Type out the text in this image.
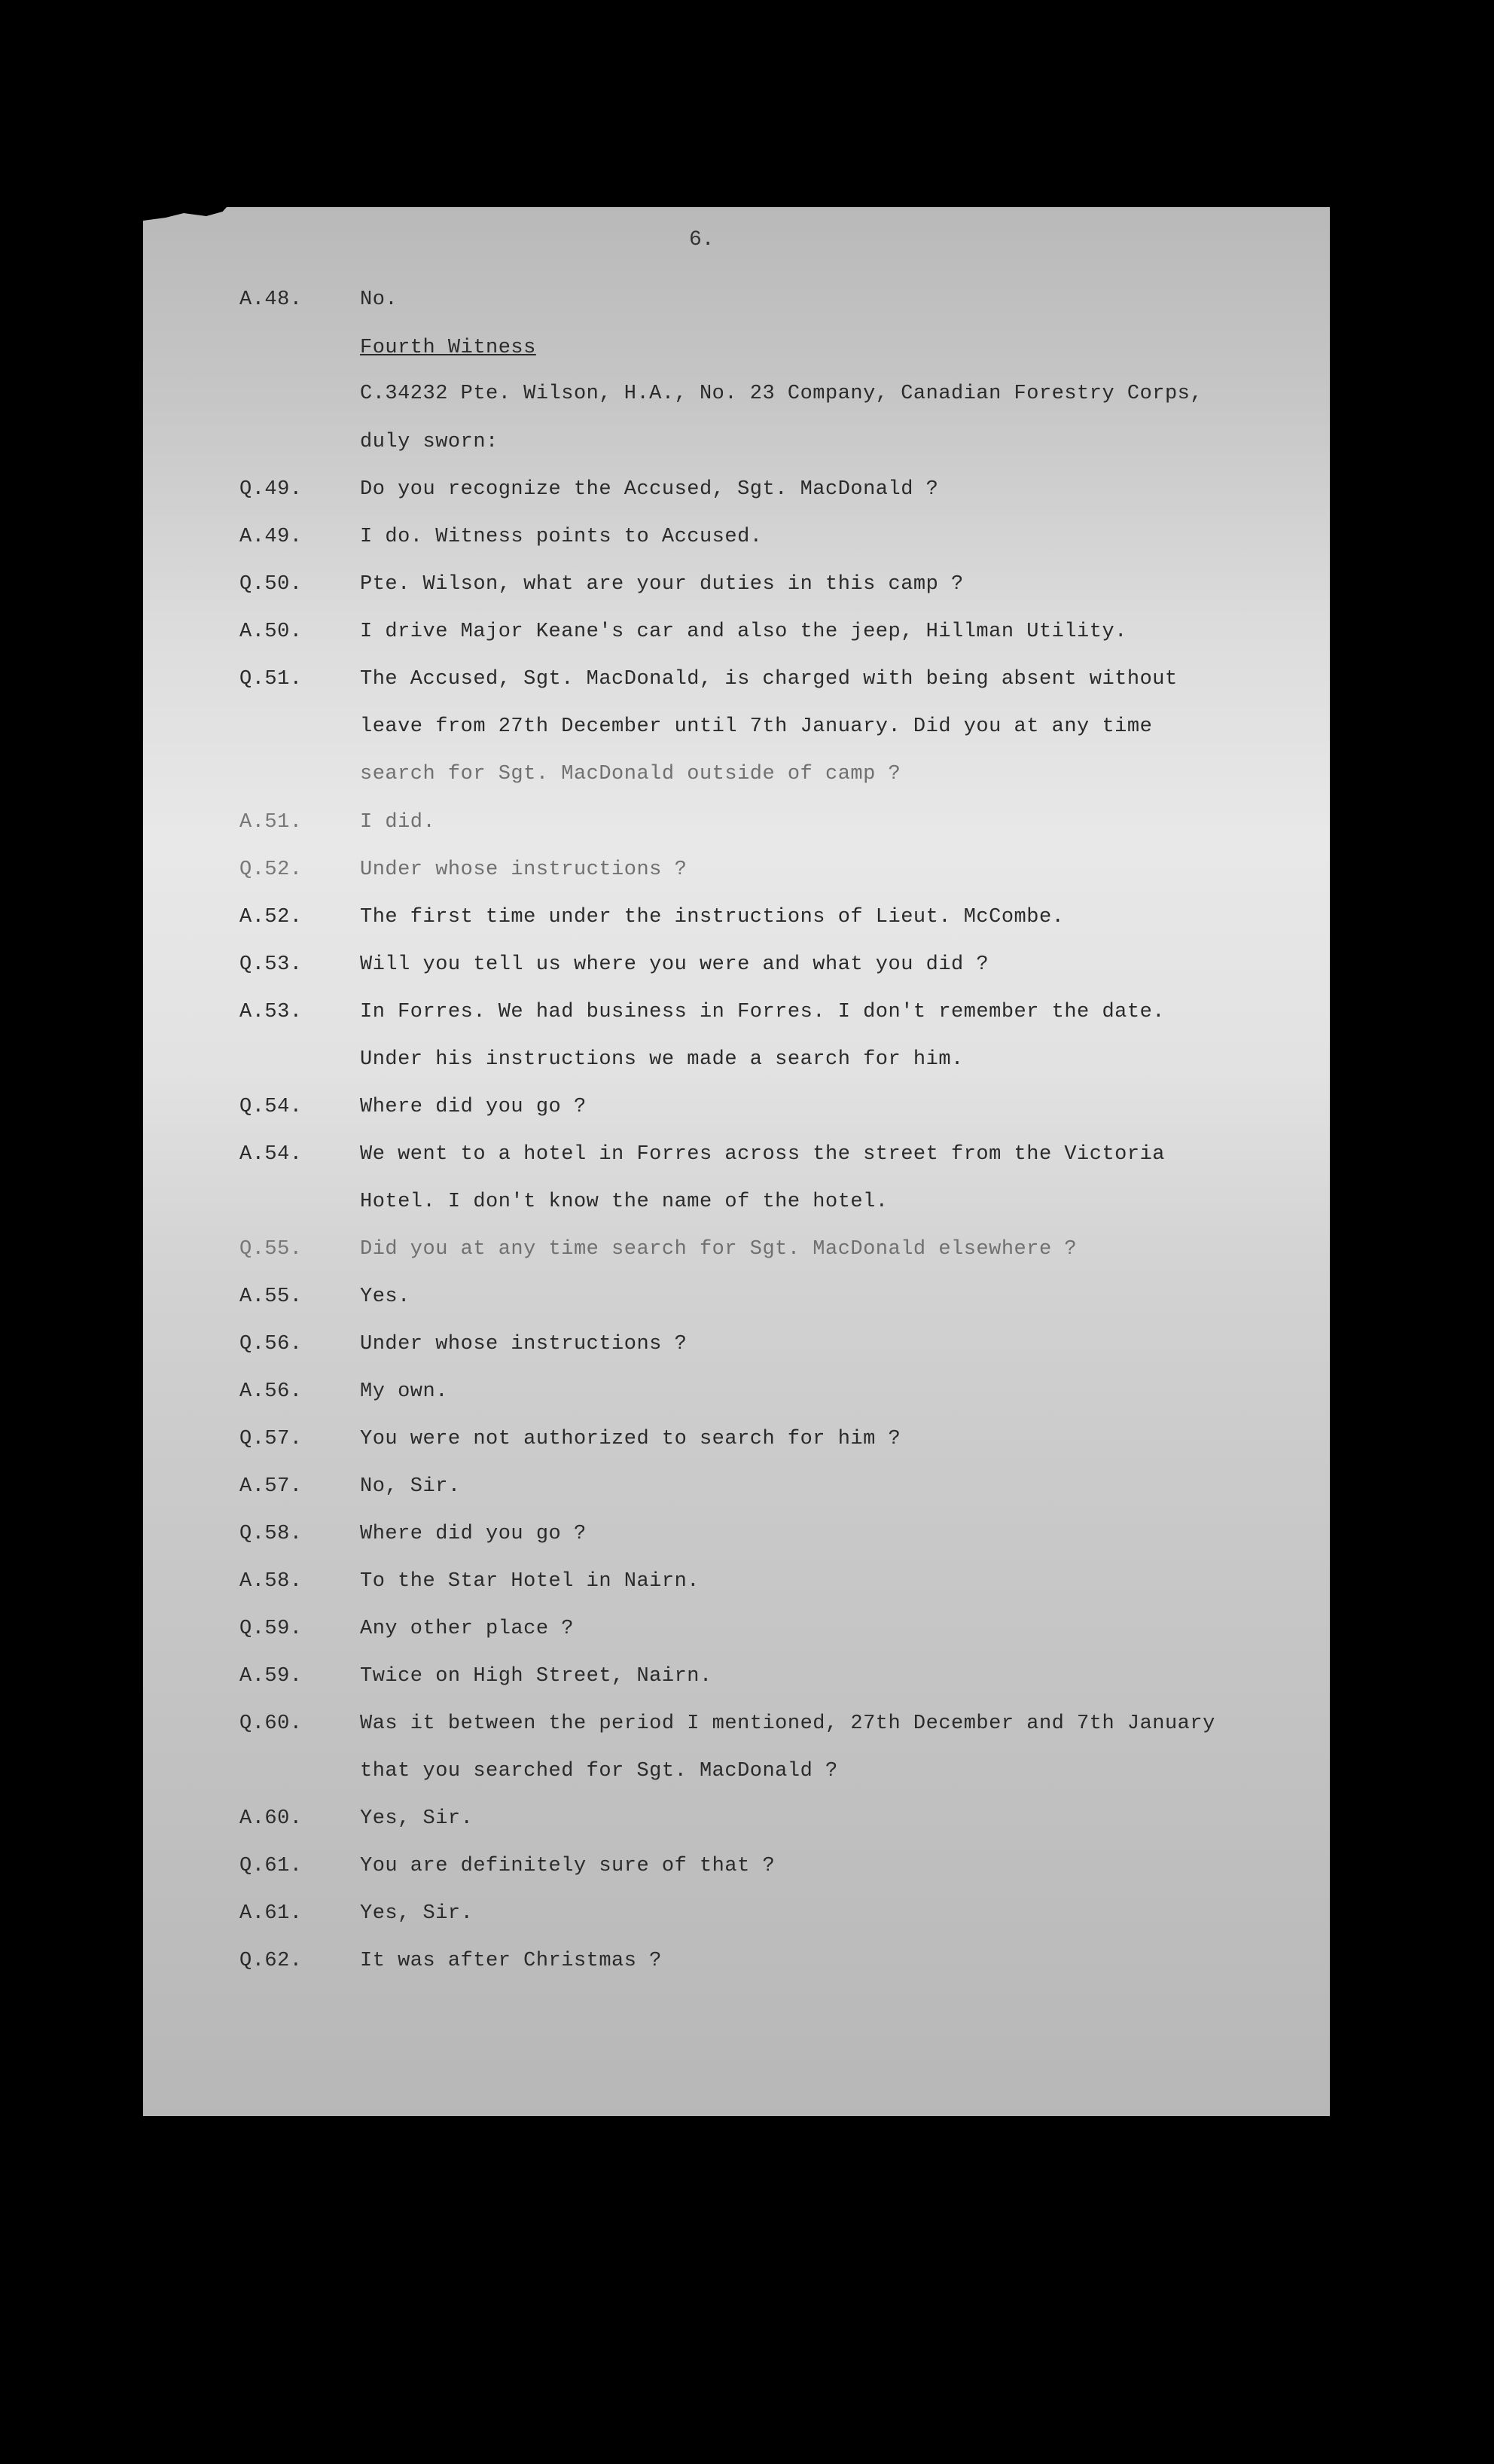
6.
A.48.	No.
Fourth Witness
C.34232 Pte. Wilson, H.A., No. 23 Company, Canadian Forestry Corps,
duly sworn:
Q.49.	Do you recognize the Accused, Sgt. MacDonald ?
A.49.	I do. Witness points to Accused.
Q.50.	Pte. Wilson, what are your duties in this camp ?
A.50.	I drive Major Keane's car and also the jeep, Hillman Utility.
Q.51.	The Accused, Sgt. MacDonald, is charged with being absent without
leave from 27th December until 7th January. Did you at any time
search for Sgt. MacDonald outside of camp ?
A.51.	I did.
Q.52.	Under whose instructions ?
A.52.	The first time under the instructions of Lieut. McCombe.
Q.53.	Will you tell us where you were and what you did ?
A.53.	In Forres. We had business in Forres. I don't remember the date.
Under his instructions we made a search for him.
Q.54.	Where did you go ?
A.54.	We went to a hotel in Forres across the street from the Victoria
Hotel. I don't know the name of the hotel.
Q.55.	Did you at any time search for Sgt. MacDonald elsewhere ?
A.55.	Yes.
Q.56.	Under whose instructions ?
A.56.	My own.
Q.57.	You were not authorized to search for him ?
A.57.	No, Sir.
Q.58.	Where did you go ?
A.58.	To the Star Hotel in Nairn.
Q.59.	Any other place ?
A.59.	Twice on High Street, Nairn.
Q.60.	Was it between the period I mentioned, 27th December and 7th January
that you searched for Sgt. MacDonald ?
A.60.	Yes, Sir.
Q.61.	You are definitely sure of that ?
A.61.	Yes, Sir.
Q.62.	It was after Christmas ?
